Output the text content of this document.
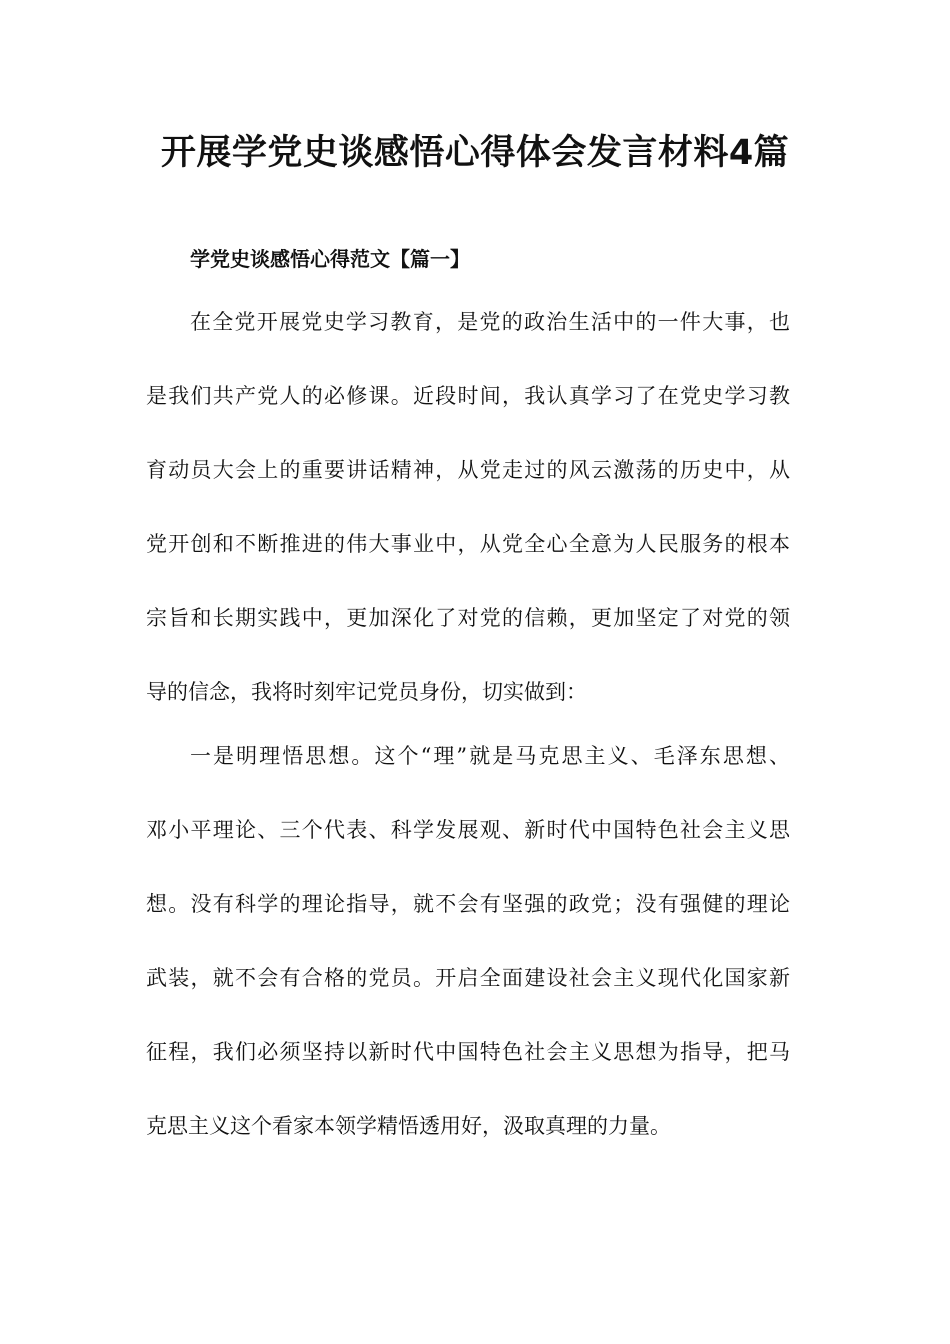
开展学党史谈感悟心得体会发言材料4篇
学党史谈感悟心得范文【篇一】

在全党开展党史学习教育，是党的政治生活中的一件大事，也

是我们共产党人的必修课。近段时间，我认真学习了在党史学习教

育动员大会上的重要讲话精神，从党走过的风云激荡的历史中，从

党开创和不断推进的伟大事业中，从党全心全意为人民服务的根本

宗旨和长期实践中，更加深化了对党的信赖，更加坚定了对党的领

导的信念，我将时刻牢记党员身份，切实做到：

一是明理悟思想。这个“理”就是马克思主义、毛泽东思想、

邓小平理论、三个代表、科学发展观、新时代中国特色社会主义思

想。没有科学的理论指导，就不会有坚强的政党；没有强健的理论

武装，就不会有合格的党员。开启全面建设社会主义现代化国家新

征程，我们必须坚持以新时代中国特色社会主义思想为指导，把马

克思主义这个看家本领学精悟透用好，汲取真理的力量。
